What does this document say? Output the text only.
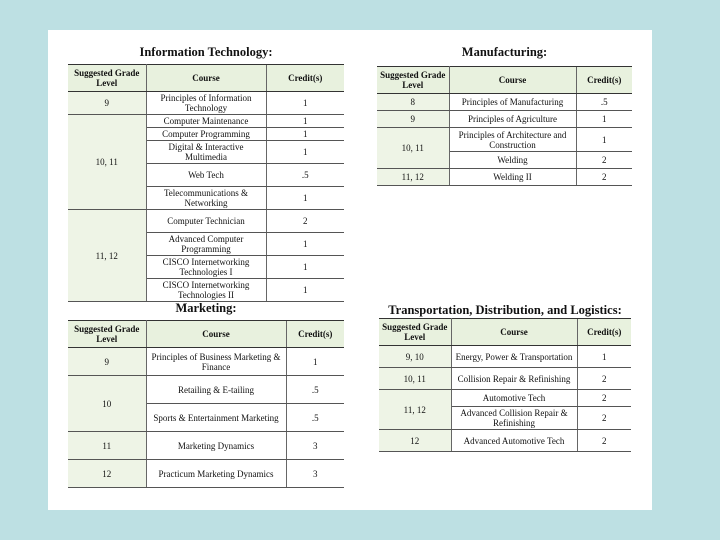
Information Technology:
Suggested Grade Level	Course	Credit(s)
9	Principles of Information Technology	1
10, 11	Computer Maintenance	1
	Computer Programming	1
	Digital & Interactive Multimedia	1
	Web Tech	.5
	Telecommunications & Networking	1
11, 12	Computer Technician	2
	Advanced Computer Programming	1
	CISCO Internetworking Technologies I	1
	CISCO Internetworking Technologies II	1
Manufacturing:
Suggested Grade Level	Course	Credit(s)
8	Principles of Manufacturing	.5
9	Principles of Agriculture	1
10, 11	Principles of Architecture and Construction	1
	Welding	2
11, 12	Welding II	2
Marketing:
Suggested Grade Level	Course	Credit(s)
9	Principles of Business Marketing & Finance	1
10	Retailing & E-tailing	.5
	Sports & Entertainment Marketing	.5
11	Marketing Dynamics	3
12	Practicum Marketing Dynamics	3
Transportation, Distribution, and Logistics:
Suggested Grade Level	Course	Credit(s)
9, 10	Energy, Power & Transportation	1
10, 11	Collision Repair & Refinishing	2
11, 12	Automotive Tech	2
	Advanced Collision Repair & Refinishing	2
12	Advanced Automotive Tech	2
